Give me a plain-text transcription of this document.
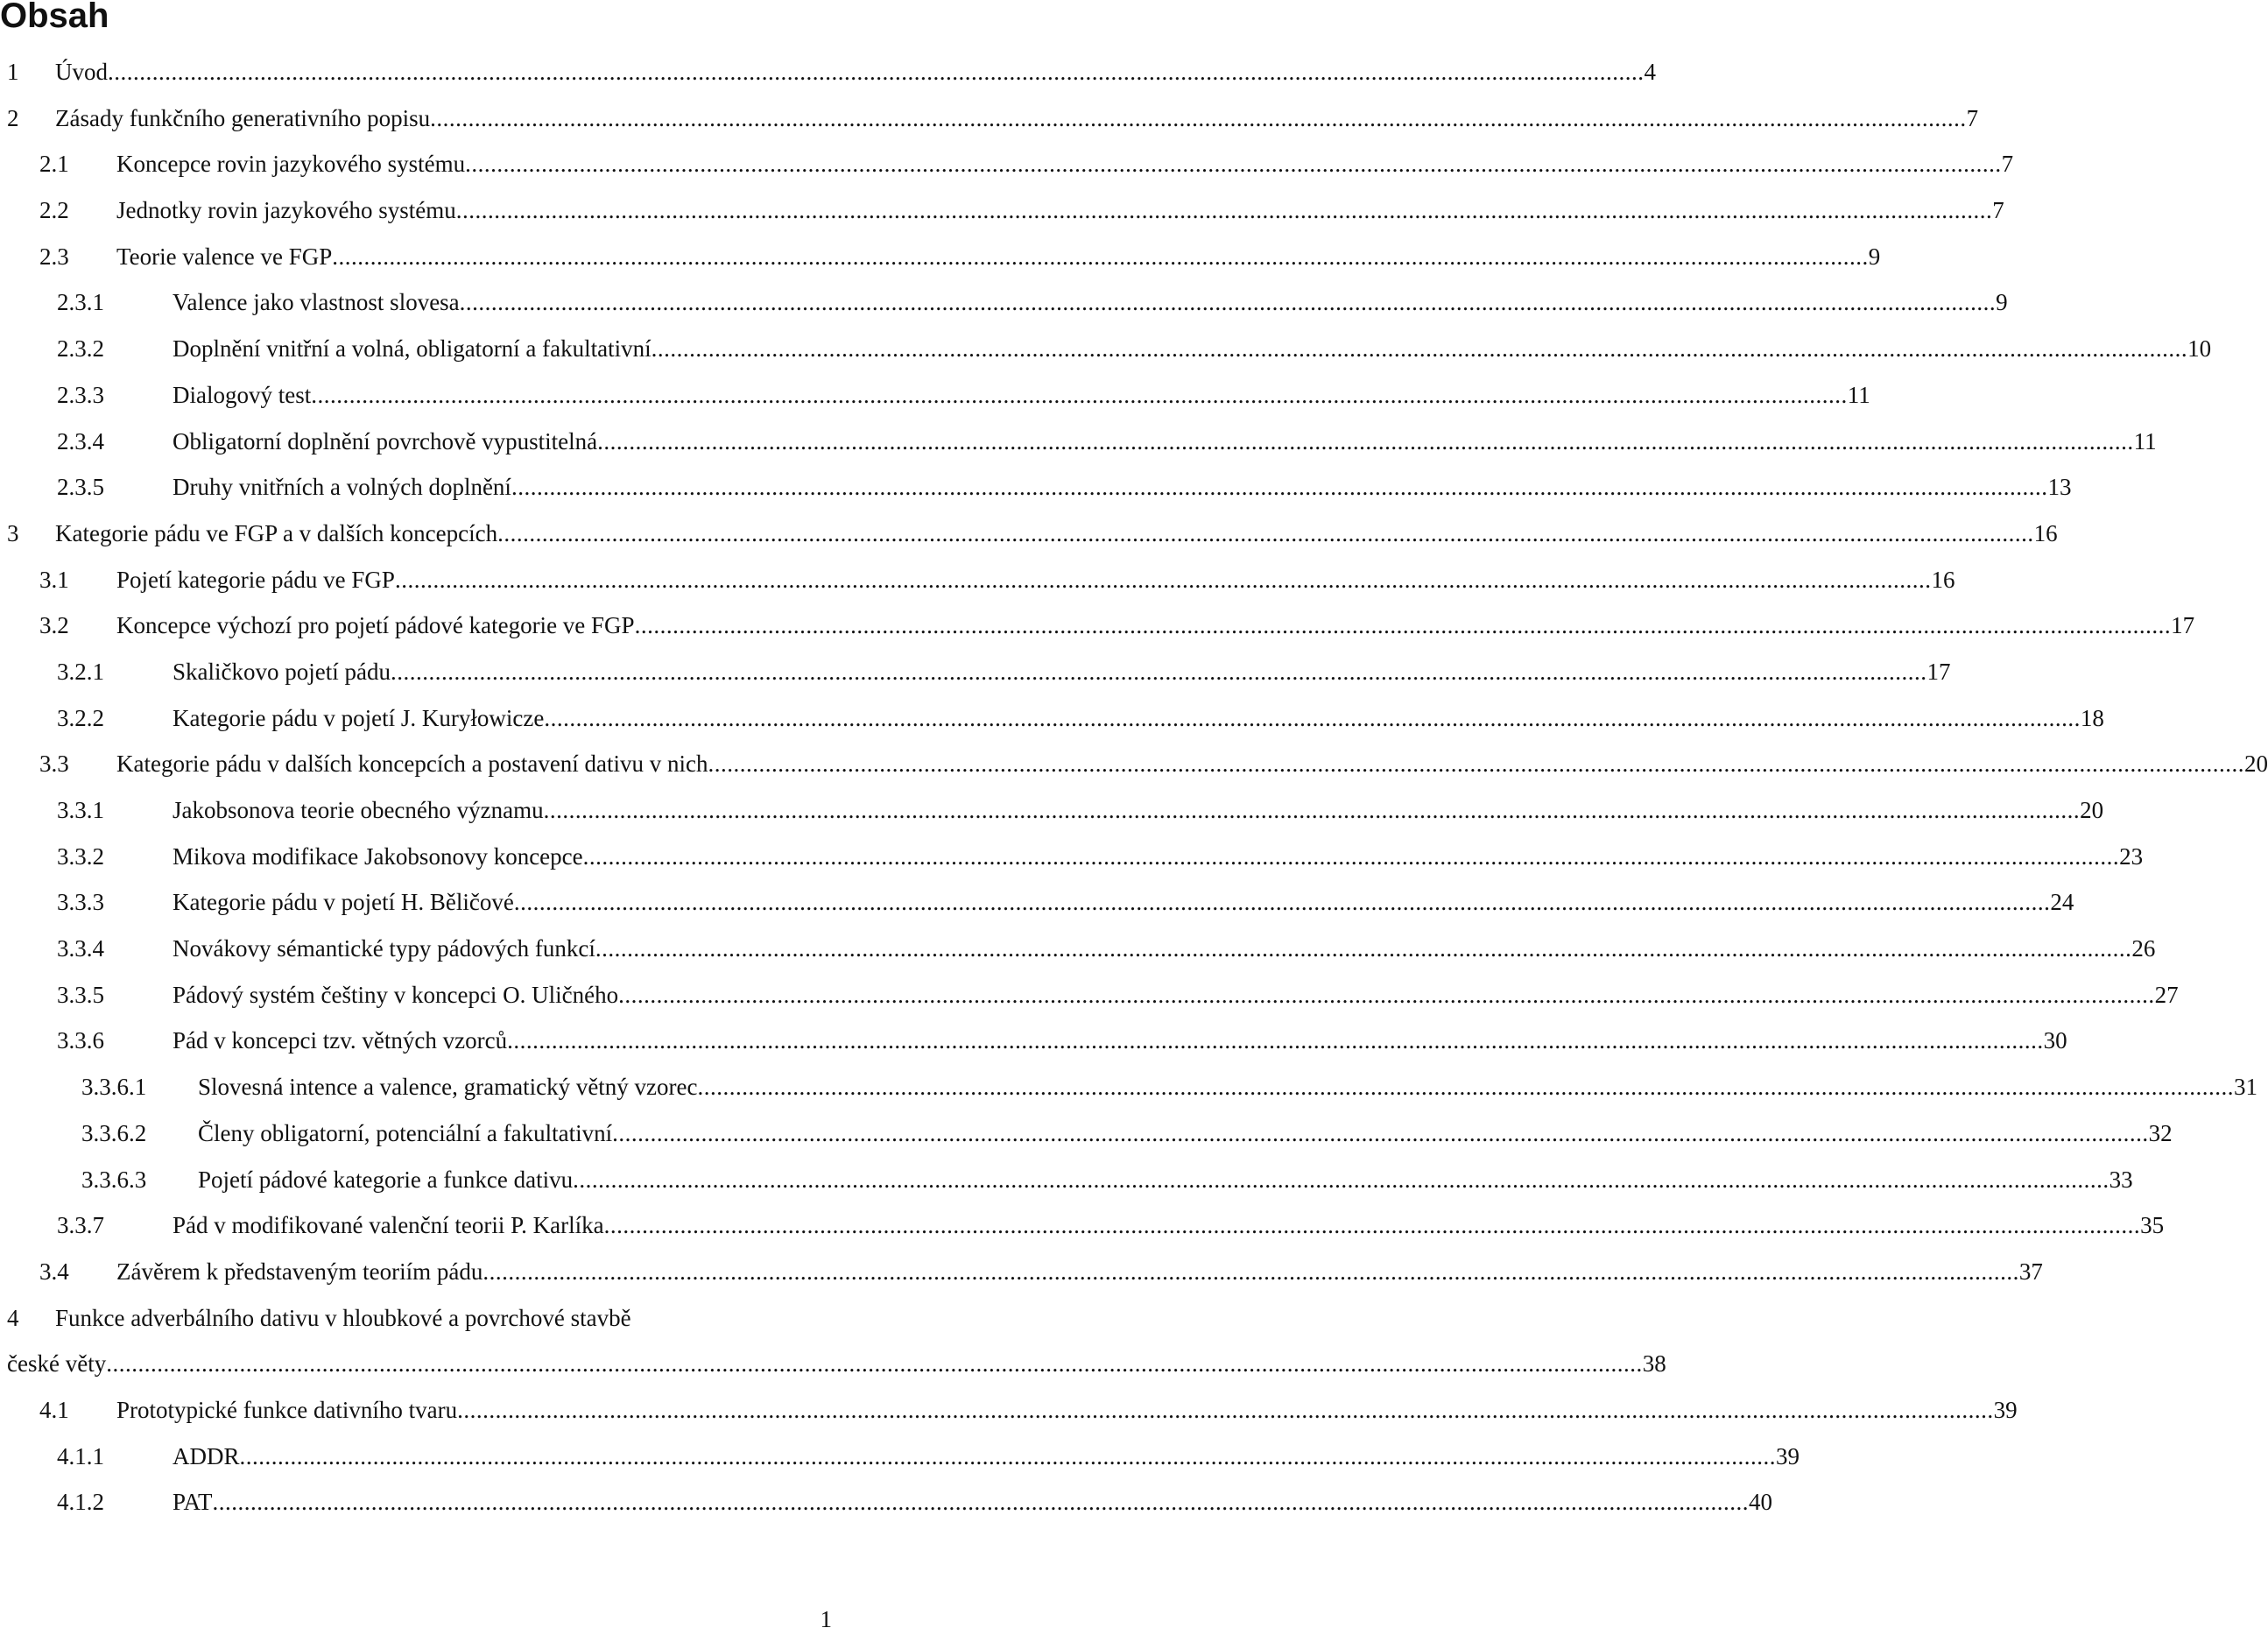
Obsah
1	Úvod .....	4
2	Zásady funkčního generativního popisu .....	7
2.1	Koncepce rovin jazykového systému .....	7
2.2	Jednotky rovin jazykového systému .....	7
2.3	Teorie valence ve FGP .....	9
2.3.1	Valence jako vlastnost slovesa .....	9
2.3.2	Doplnění vnitřní a volná, obligatorní a fakultativní .....	10
2.3.3	Dialogový test .....	11
2.3.4	Obligatorní doplnění povrchově vypustitelná .....	11
2.3.5	Druhy vnitřních a volných doplnění .....	13
3	Kategorie pádu ve FGP a v dalších koncepcích .....	16
3.1	Pojetí kategorie pádu ve FGP .....	16
3.2	Koncepce výchozí pro pojetí pádové kategorie ve FGP .....	17
3.2.1	Skaličkovo pojetí pádu .....	17
3.2.2	Kategorie pádu v pojetí J. Kuryłowicze .....	18
3.3	Kategorie pádu v dalších koncepcích a postavení dativu v nich .....	20
3.3.1	Jakobsonova teorie obecného významu .....	20
3.3.2	Mikova modifikace Jakobsonovy koncepce .....	23
3.3.3	Kategorie pádu v pojetí H. Běličové .....	24
3.3.4	Novákovy sémantické typy pádových funkcí .....	26
3.3.5	Pádový systém češtiny v koncepci O. Uličného .....	27
3.3.6	Pád v koncepci tzv. větných vzorců .....	30
3.3.6.1	Slovesná intence a valence, gramatický větný vzorec .....	31
3.3.6.2	Členy obligatorní, potenciální a fakultativní .....	32
3.3.6.3	Pojetí pádové kategorie a funkce dativu .....	33
3.3.7	Pád v modifikované valenční teorii P. Karlíka .....	35
3.4	Závěrem k představeným teoriím pádu .....	37
4	Funkce adverbálního dativu v hloubkové a povrchové stavbě
české věty .....	38
4.1	Prototypické funkce dativního tvaru .....	39
4.1.1	ADDR .....	39
4.1.2	PAT .....	40
1
